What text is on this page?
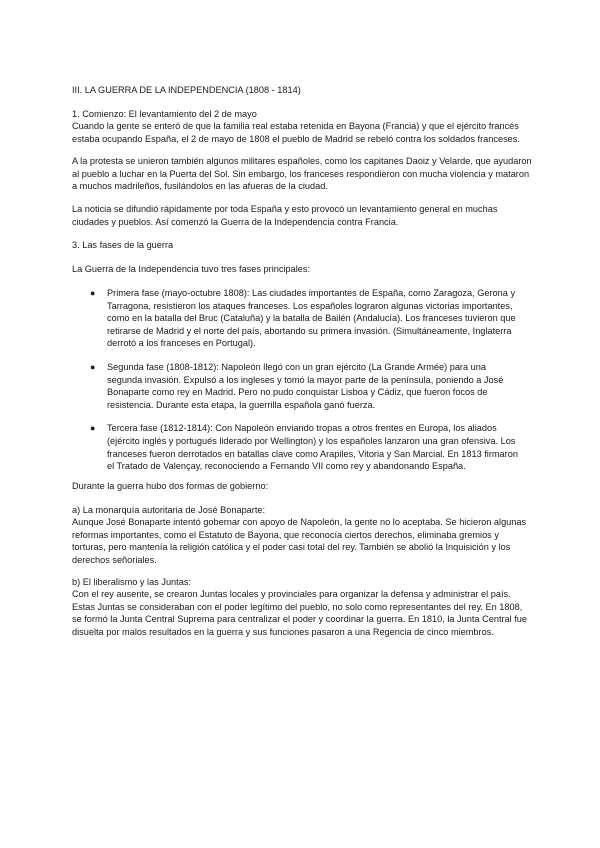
III. LA GUERRA DE LA INDEPENDENCIA (1808 - 1814)

1. Comienzo: El levantamiento del 2 de mayo

Cuando la gente se enteró de que la familia real estaba retenida en Bayona (Francia) y que el ejército francés estaba ocupando España, el 2 de mayo de 1808 el pueblo de Madrid se rebeló contra los soldados franceses.

A la protesta se unieron también algunos militares españoles, como los capitanes Daoiz y Velarde, que ayudaron al pueblo a luchar en la Puerta del Sol. Sin embargo, los franceses respondieron con mucha violencia y mataron a muchos madrileños, fusilándolos en las afueras de la ciudad.

La noticia se difundió rápidamente por toda España y esto provocó un levantamiento general en muchas ciudades y pueblos. Así comenzó la Guerra de la Independencia contra Francia.

3. Las fases de la guerra

La Guerra de la Independencia tuvo tres fases principales:

● Primera fase (mayo-octubre 1808): Las ciudades importantes de España, como Zaragoza, Gerona y Tarragona, resistieron los ataques franceses. Los españoles lograron algunas victorias importantes, como en la batalla del Bruc (Cataluña) y la batalla de Bailén (Andalucía). Los franceses tuvieron que retirarse de Madrid y el norte del país, abortando su primera invasión. (Simultáneamente, Inglaterra derrotó a los franceses en Portugal).
● Segunda fase (1808-1812): Napoleón llegó con un gran ejército (La Grande Armée) para una segunda invasión. Expulsó a los ingleses y tomó la mayor parte de la península, poniendo a José Bonaparte como rey en Madrid. Pero no pudo conquistar Lisboa y Cádiz, que fueron focos de resistencia. Durante esta etapa, la guerrilla española ganó fuerza.
● Tercera fase (1812-1814): Con Napoleón enviando tropas a otros frentes en Europa, los aliados (ejército inglés y portugués liderado por Wellington) y los españoles lanzaron una gran ofensiva. Los franceses fueron derrotados en batallas clave como Arapiles, Vitoria y San Marcial. En 1813 firmaron el Tratado de Valençay, reconociendo a Fernando VII como rey y abandonando España.

Durante la guerra hubo dos formas de gobierno:

a) La monarquía autoritaria de José Bonaparte:

Aunque José Bonaparte intentó gobernar con apoyo de Napoleón, la gente no lo aceptaba. Se hicieron algunas reformas importantes, como el Estatuto de Bayona, que reconocía ciertos derechos, eliminaba gremios y torturas, pero mantenía la religión católica y el poder casi total del rey. También se abolió la Inquisición y los derechos señoriales.

b) El liberalismo y las Juntas:

Con el rey ausente, se crearon Juntas locales y provinciales para organizar la defensa y administrar el país. Estas Juntas se consideraban con el poder legítimo del pueblo, no solo como representantes del rey. En 1808, se formó la Junta Central Suprema para centralizar el poder y coordinar la guerra. En 1810, la Junta Central fue disuelta por malos resultados en la guerra y sus funciones pasaron a una Regencia de cinco miembros.
